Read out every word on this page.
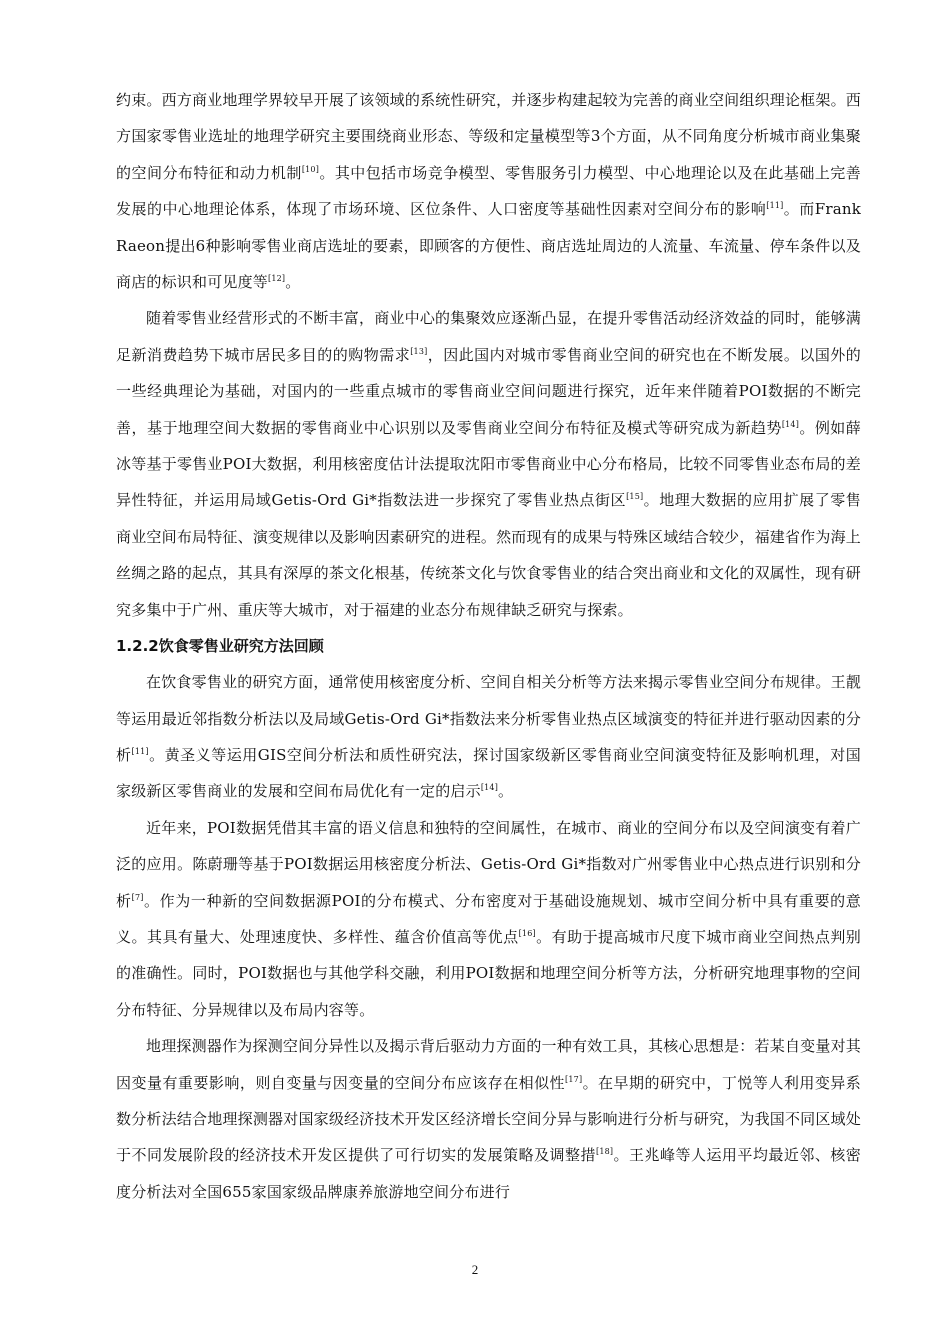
约束。西方商业地理学界较早开展了该领域的系统性研究，并逐步构建起较为完善的商业空间组织理论框架。西方国家零售业选址的地理学研究主要围绕商业形态、等级和定量模型等3个方面，从不同角度分析城市商业集聚的空间分布特征和动力机制[10]。其中包括市场竞争模型、零售服务引力模型、中心地理论以及在此基础上完善发展的中心地理论体系，体现了市场环境、区位条件、人口密度等基础性因素对空间分布的影响[11]。而Frank Raeon提出6种影响零售业商店选址的要素，即顾客的方便性、商店选址周边的人流量、车流量、停车条件以及商店的标识和可见度等[12]。

随着零售业经营形式的不断丰富，商业中心的集聚效应逐渐凸显，在提升零售活动经济效益的同时，能够满足新消费趋势下城市居民多目的的购物需求[13]，因此国内对城市零售商业空间的研究也在不断发展。以国外的一些经典理论为基础，对国内的一些重点城市的零售商业空间问题进行探究，近年来伴随着POI数据的不断完善，基于地理空间大数据的零售商业中心识别以及零售商业空间分布特征及模式等研究成为新趋势[14]。例如薛冰等基于零售业POI大数据，利用核密度估计法提取沈阳市零售商业中心分布格局，比较不同零售业态布局的差异性特征，并运用局域Getis-Ord Gi*指数法进一步探究了零售业热点街区[15]。地理大数据的应用扩展了零售商业空间布局特征、演变规律以及影响因素研究的进程。然而现有的成果与特殊区域结合较少，福建省作为海上丝绸之路的起点，其具有深厚的茶文化根基，传统茶文化与饮食零售业的结合突出商业和文化的双属性，现有研究多集中于广州、重庆等大城市，对于福建的业态分布规律缺乏研究与探索。

1.2.2饮食零售业研究方法回顾

在饮食零售业的研究方面，通常使用核密度分析、空间自相关分析等方法来揭示零售业空间分布规律。王靓等运用最近邻指数分析法以及局域Getis-Ord Gi*指数法来分析零售业热点区域演变的特征并进行驱动因素的分析[11]。黄圣义等运用GIS空间分析法和质性研究法，探讨国家级新区零售商业空间演变特征及影响机理，对国家级新区零售商业的发展和空间布局优化有一定的启示[14]。

近年来，POI数据凭借其丰富的语义信息和独特的空间属性，在城市、商业的空间分布以及空间演变有着广泛的应用。陈蔚珊等基于POI数据运用核密度分析法、Getis-Ord Gi*指数对广州零售业中心热点进行识别和分析[7]。作为一种新的空间数据源POI的分布模式、分布密度对于基础设施规划、城市空间分析中具有重要的意义。其具有量大、处理速度快、多样性、蕴含价值高等优点[16]。有助于提高城市尺度下城市商业空间热点判别的准确性。同时，POI数据也与其他学科交融，利用POI数据和地理空间分析等方法，分析研究地理事物的空间分布特征、分异规律以及布局内容等。

地理探测器作为探测空间分异性以及揭示背后驱动力方面的一种有效工具，其核心思想是：若某自变量对其因变量有重要影响，则自变量与因变量的空间分布应该存在相似性[17]。在早期的研究中，丁悦等人利用变异系数分析法结合地理探测器对国家级经济技术开发区经济增长空间分异与影响进行分析与研究，为我国不同区域处于不同发展阶段的经济技术开发区提供了可行切实的发展策略及调整措[18]。王兆峰等人运用平均最近邻、核密度分析法对全国655家国家级品牌康养旅游地空间分布进行

2
